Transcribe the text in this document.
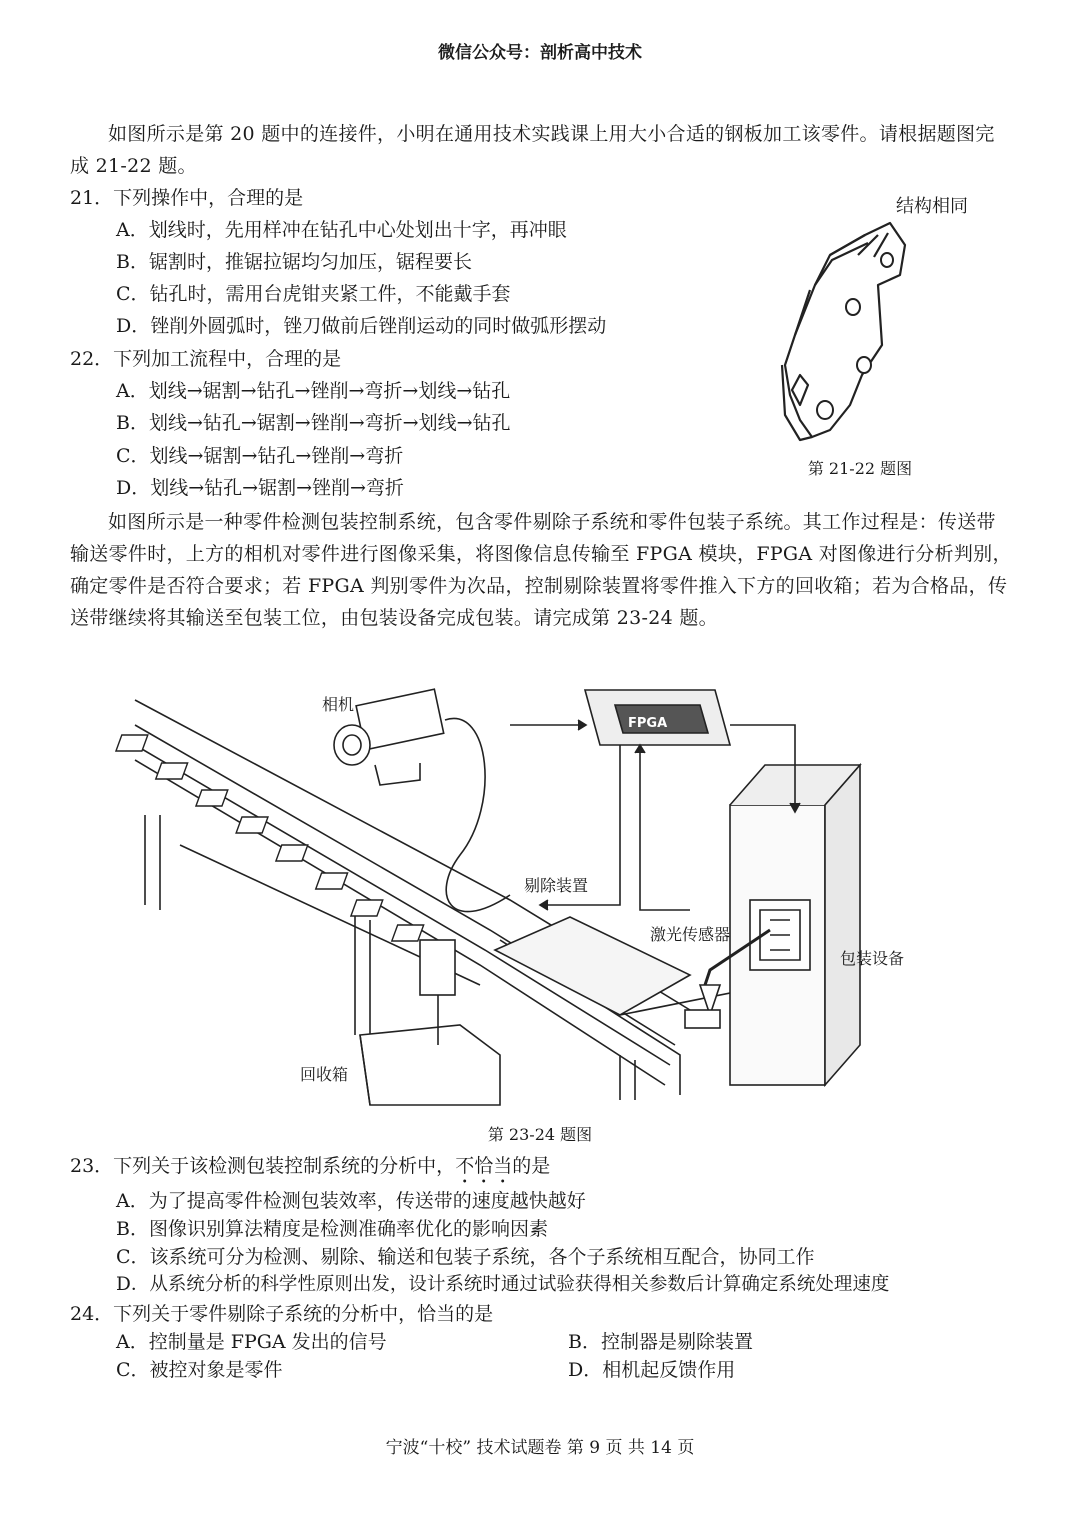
微信公众号：剖析高中技术
如图所示是第 20 题中的连接件，小明在通用技术实践课上用大小合适的钢板加工该零件。请根据题图完成 21-22 题。
21．下列操作中，合理的是
A．划线时，先用样冲在钻孔中心处划出十字，再冲眼
B．锯割时，推锯拉锯均匀加压，锯程要长
C．钻孔时，需用台虎钳夹紧工件，不能戴手套
D．锉削外圆弧时，锉刀做前后锉削运动的同时做弧形摆动
22．下列加工流程中，合理的是
A．划线→锯割→钻孔→锉削→弯折→划线→钻孔
B．划线→钻孔→锯割→锉削→弯折→划线→钻孔
C．划线→锯割→钻孔→锉削→弯折
D．划线→钻孔→锯割→锉削→弯折
结构相同
第 21-22 题图
如图所示是一种零件检测包装控制系统，包含零件剔除子系统和零件包装子系统。其工作过程是：传送带输送零件时，上方的相机对零件进行图像采集，将图像信息传输至 FPGA 模块，FPGA 对图像进行分析判别，确定零件是否符合要求；若 FPGA 判别零件为次品，控制剔除装置将零件推入下方的回收箱；若为合格品，传送带继续将其输送至包装工位，由包装设备完成包装。请完成第 23-24 题。
相机
FPGA
剔除装置
激光传感器
包装设备
回收箱
第 23-24 题图
23．下列关于该检测包装控制系统的分析中，不恰当的是
A．为了提高零件检测包装效率，传送带的速度越快越好
B．图像识别算法精度是检测准确率优化的影响因素
C．该系统可分为检测、剔除、输送和包装子系统，各个子系统相互配合，协同工作
D．从系统分析的科学性原则出发，设计系统时通过试验获得相关参数后计算确定系统处理速度
24．下列关于零件剔除子系统的分析中，恰当的是
A．控制量是 FPGA 发出的信号	B．控制器是剔除装置
C．被控对象是零件	D．相机起反馈作用
宁波“十校” 技术试题卷 第 9 页 共 14 页
